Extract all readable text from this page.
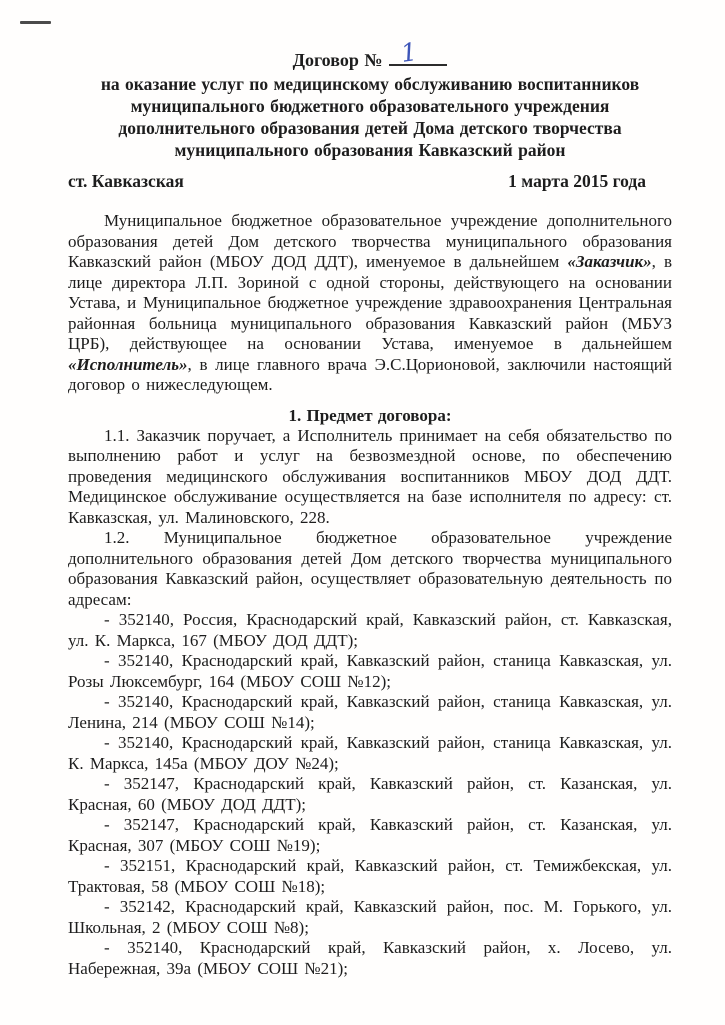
Договор № 1

на оказание услуг по медицинскому обслуживанию воспитанников

муниципального бюджетного образовательного учреждения

дополнительного образования детей Дома детского творчества

муниципального образования Кавказский район

ст. Кавказская	1 марта 2015 года

Муниципальное бюджетное образовательное учреждение дополнительного образования детей Дом детского творчества муниципального образования Кавказский район (МБОУ ДОД ДДТ), именуемое в дальнейшем «Заказчик», в лице директора Л.П. Зориной с одной стороны, действующего на основании Устава, и Муниципальное бюджетное учреждение здравоохранения Центральная районная больница муниципального образования Кавказский район (МБУЗ ЦРБ), действующее на основании Устава, именуемое в дальнейшем «Исполнитель», в лице главного врача Э.С.Цорионовой, заключили настоящий договор о нижеследующем.

1. Предмет договора:

1.1. Заказчик поручает, а Исполнитель принимает на себя обязательство по выполнению работ и услуг на безвозмездной основе, по обеспечению проведения медицинского обслуживания воспитанников МБОУ ДОД ДДТ. Медицинское обслуживание осуществляется на базе исполнителя по адресу: ст. Кавказская, ул. Малиновского, 228.

1.2. Муниципальное бюджетное образовательное учреждение дополнительного образования детей Дом детского творчества муниципального образования Кавказский район, осуществляет образовательную деятельность по адресам:

- 352140, Россия, Краснодарский край, Кавказский район, ст. Кавказская, ул. К. Маркса, 167 (МБОУ ДОД ДДТ);

- 352140, Краснодарский край, Кавказский район, станица Кавказская, ул. Розы Люксембург, 164 (МБОУ СОШ №12);

- 352140, Краснодарский край, Кавказский район, станица Кавказская, ул. Ленина, 214 (МБОУ СОШ №14);

- 352140, Краснодарский край, Кавказский район, станица Кавказская, ул. К. Маркса, 145а (МБОУ ДОУ №24);

- 352147, Краснодарский край, Кавказский район, ст. Казанская, ул. Красная, 60 (МБОУ ДОД ДДТ);

- 352147, Краснодарский край, Кавказский район, ст. Казанская, ул. Красная, 307 (МБОУ СОШ №19);

- 352151, Краснодарский край, Кавказский район, ст. Темижбекская, ул. Трактовая, 58 (МБОУ СОШ №18);

- 352142, Краснодарский край, Кавказский район, пос. М. Горького, ул. Школьная, 2 (МБОУ СОШ №8);

- 352140, Краснодарский край, Кавказский район, х. Лосево, ул. Набережная, 39а (МБОУ СОШ №21);
